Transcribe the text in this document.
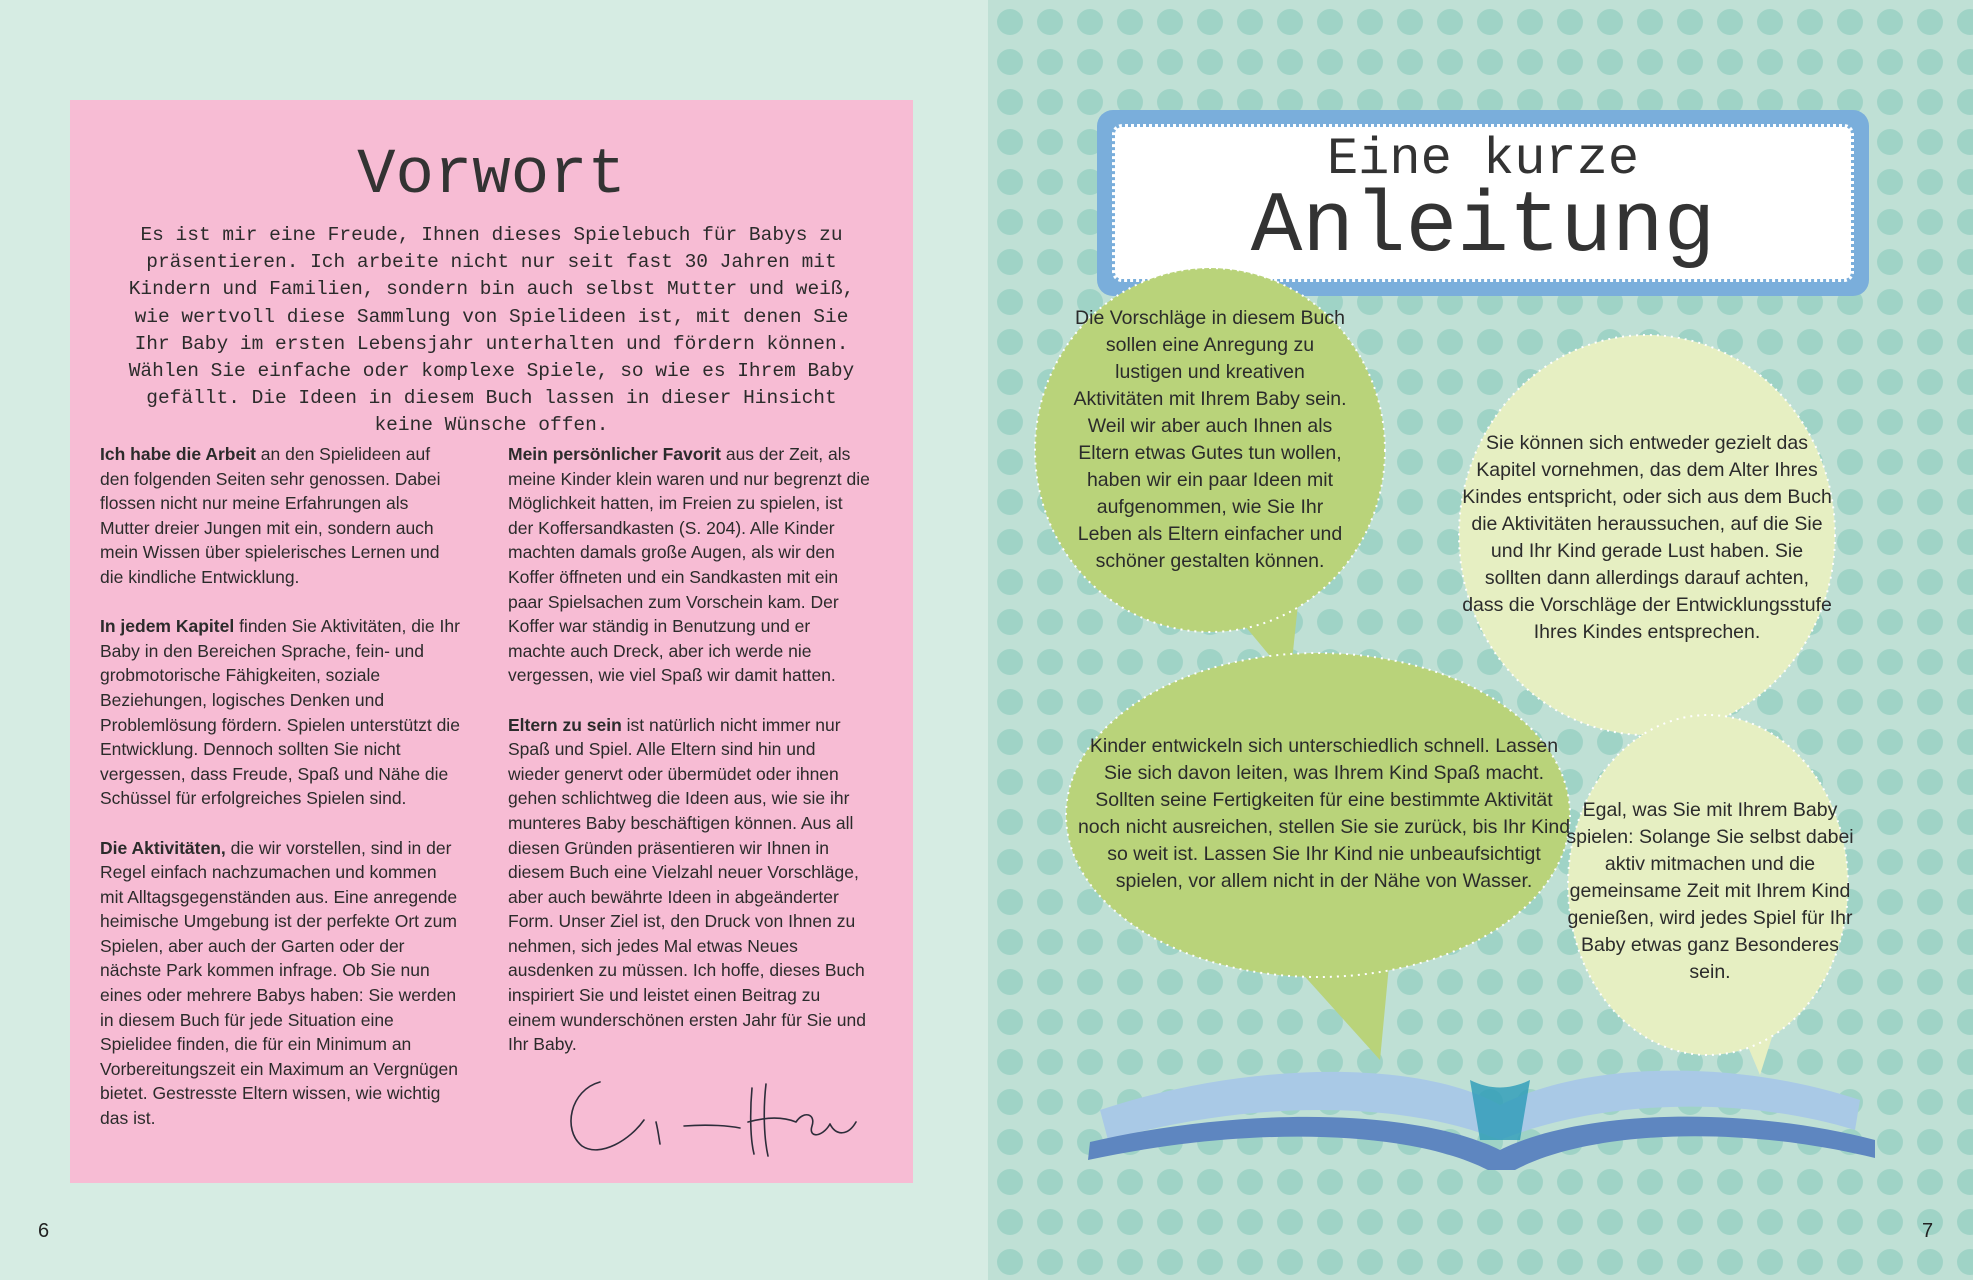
Vorwort
Es ist mir eine Freude, Ihnen dieses Spielebuch für Babys zu präsentieren. Ich arbeite nicht nur seit fast 30 Jahren mit Kindern und Familien, sondern bin auch selbst Mutter und weiß, wie wertvoll diese Sammlung von Spielideen ist, mit denen Sie Ihr Baby im ersten Lebensjahr unterhalten und fördern können. Wählen Sie einfache oder komplexe Spiele, so wie es Ihrem Baby gefällt. Die Ideen in diesem Buch lassen in dieser Hinsicht keine Wünsche offen.

Ich habe die Arbeit an den Spielideen auf den folgenden Seiten sehr genossen. Dabei flossen nicht nur meine Erfahrungen als Mutter dreier Jungen mit ein, sondern auch mein Wissen über spielerisches Lernen und die kindliche Entwicklung.

In jedem Kapitel finden Sie Aktivitäten, die Ihr Baby in den Bereichen Sprache, fein- und grobmotorische Fähigkeiten, soziale Beziehungen, logisches Denken und Problemlösung fördern. Spielen unterstützt die Entwicklung. Dennoch sollten Sie nicht vergessen, dass Freude, Spaß und Nähe die Schüssel für erfolgreiches Spielen sind.

Die Aktivitäten, die wir vorstellen, sind in der Regel einfach nachzumachen und kommen mit Alltagsgegenständen aus. Eine anregende heimische Umgebung ist der perfekte Ort zum Spielen, aber auch der Garten oder der nächste Park kommen infrage. Ob Sie nun eines oder mehrere Babys haben: Sie werden in diesem Buch für jede Situation eine Spielidee finden, die für ein Minimum an Vorbereitungszeit ein Maximum an Vergnügen bietet. Gestresste Eltern wissen, wie wichtig das ist.

Mein persönlicher Favorit aus der Zeit, als meine Kinder klein waren und nur begrenzt die Möglichkeit hatten, im Freien zu spielen, ist der Koffersandkasten (S. 204). Alle Kinder machten damals große Augen, als wir den Koffer öffneten und ein Sandkasten mit ein paar Spielsachen zum Vorschein kam. Der Koffer war ständig in Benutzung und er machte auch Dreck, aber ich werde nie vergessen, wie viel Spaß wir damit hatten.

Eltern zu sein ist natürlich nicht immer nur Spaß und Spiel. Alle Eltern sind hin und wieder genervt oder übermüdet oder ihnen gehen schlichtweg die Ideen aus, wie sie ihr munteres Baby beschäftigen können. Aus all diesen Gründen präsentieren wir Ihnen in diesem Buch eine Vielzahl neuer Vorschläge, aber auch bewährte Ideen in abgeänderter Form. Unser Ziel ist, den Druck von Ihnen zu nehmen, sich jedes Mal etwas Neues ausdenken zu müssen. Ich hoffe, dieses Buch inspiriert Sie und leistet einen Beitrag zu einem wunderschönen ersten Jahr für Sie und Ihr Baby.

6
Eine kurze
Anleitung
Die Vorschläge in diesem Buch sollen eine Anregung zu lustigen und kreativen Aktivitäten mit Ihrem Baby sein. Weil wir aber auch Ihnen als Eltern etwas Gutes tun wollen, haben wir ein paar Ideen mit aufgenommen, wie Sie Ihr Leben als Eltern einfacher und schöner gestalten können.
Sie können sich entweder gezielt das Kapitel vornehmen, das dem Alter Ihres Kindes entspricht, oder sich aus dem Buch die Aktivitäten heraussuchen, auf die Sie und Ihr Kind gerade Lust haben. Sie sollten dann allerdings darauf achten, dass die Vorschläge der Entwicklungsstufe Ihres Kindes entsprechen.
Kinder entwickeln sich unterschiedlich schnell. Lassen Sie sich davon leiten, was Ihrem Kind Spaß macht. Sollten seine Fertigkeiten für eine bestimmte Aktivität noch nicht ausreichen, stellen Sie sie zurück, bis Ihr Kind so weit ist. Lassen Sie Ihr Kind nie unbeaufsichtigt spielen, vor allem nicht in der Nähe von Wasser.
Egal, was Sie mit Ihrem Baby spielen: Solange Sie selbst dabei aktiv mitmachen und die gemeinsame Zeit mit Ihrem Kind genießen, wird jedes Spiel für Ihr Baby etwas ganz Besonderes sein.
7
